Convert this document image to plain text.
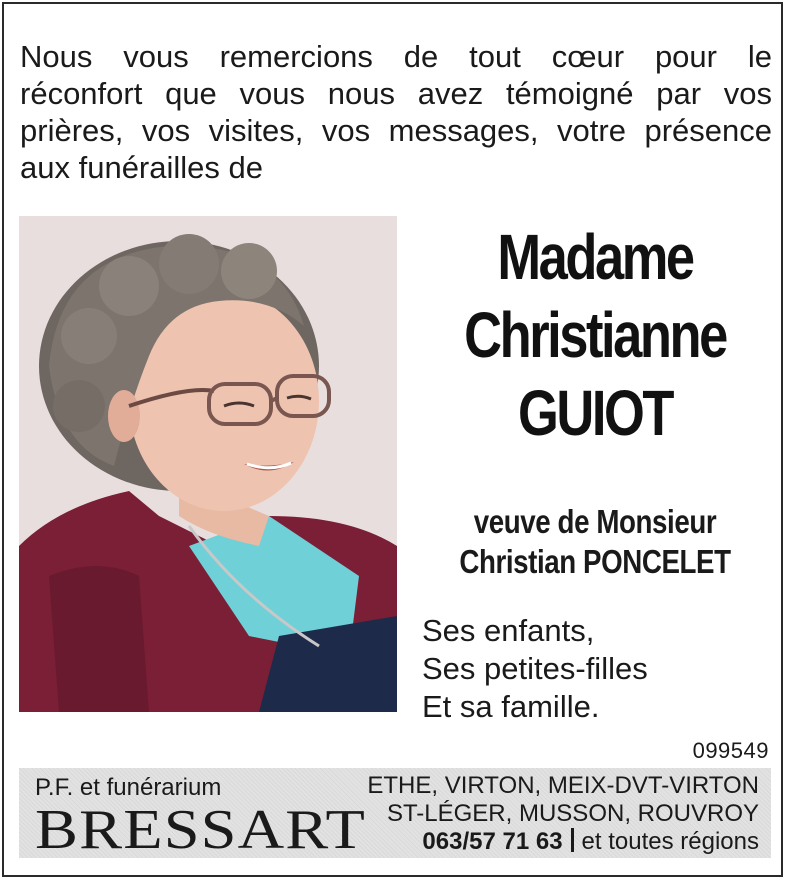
Nous vous remercions de tout cœur pour le
réconfort que vous nous avez témoigné par vos
prières, vos visites, vos messages, votre présence
aux funérailles de
Madame
Christianne
GUIOT
veuve de Monsieur
Christian PONCELET
Ses enfants,
Ses petites-filles
Et sa famille.
099549
P.F. et funérarium
BRESSART
ETHE, VIRTON, MEIX-DVT-VIRTON
ST-LÉGER, MUSSON, ROUVROY
063/57 71 63 et toutes régions
